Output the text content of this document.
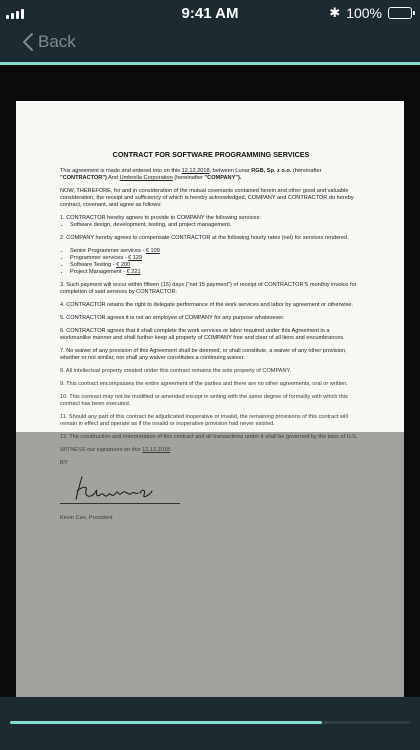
9:41 AM	✱ 100%
Back
CONTRACT FOR SOFTWARE PROGRAMMING SERVICES

This agreement is made and entered into on this 12.12.2018, between Lunar RGB, Sp. z o.o. (hereinafter "CONTRACTOR") And Umbrella Corporation (hereinafter "COMPANY").

NOW, THEREFORE, for and in consideration of the mutual covenants contained herein and other good and valuable consideration, the receipt and sufficiency of which is hereby acknowledged, COMPANY and CONTRACTOR do hereby contract, covenant, and agree as follows:

1. CONTRACTOR hereby agrees to provide to COMPANY the following services:
• Software design, development, testing, and project management.

2. COMPANY hereby agrees to compensate CONTRACTOR at the following hourly rates (net) for services rendered.

• Senior Programmer services - € 109
• Programmer services - € 129
• Software Testing - € 200
• Project Management - € 221

3. Such payment will occur within fifteen (15) days ("net 15 payment") of receipt of CONTRACTOR'S monthly invoice for completion of said services by CONTRACTOR.

4. CONTRACTOR retains the right to delegate performance of the work services and labor by agreement or otherwise.

5. CONTRACTOR agrees it is not an employee of COMPANY for any purpose whatsoever.

6. CONTRACTOR agrees that it shall complete the work services or labor required under this Agreement in a workmanlike manner and shall further keep all property of COMPANY free and clear of all liens and encumbrances.

7. No waiver of any provision of this Agreement shall be deemed, or shall constitute, a waiver of any other provision, whether or not similar, nor shall any waiver constitutes a continuing waiver.

8. All intellectual property created under this contract remains the sole property of COMPANY.

9. This contract encompasses the entire agreement of the parties and there are no other agreements, oral or written.

10. This contract may not be modified or amended except in writing with the same degree of formality with which this contract has been executed.

11. Should any part of this contract be adjudicated inoperative or invalid, the remaining provisions of this contract will remain in effect and operate as if the invalid or inoperative provision had never existed.

12. The construction and interpretation of this contract and all transactions under it shall be governed by the laws of U.S.

WITNESS our signatures on this 12.12.2018.

BY:
Kevin Cao, President
